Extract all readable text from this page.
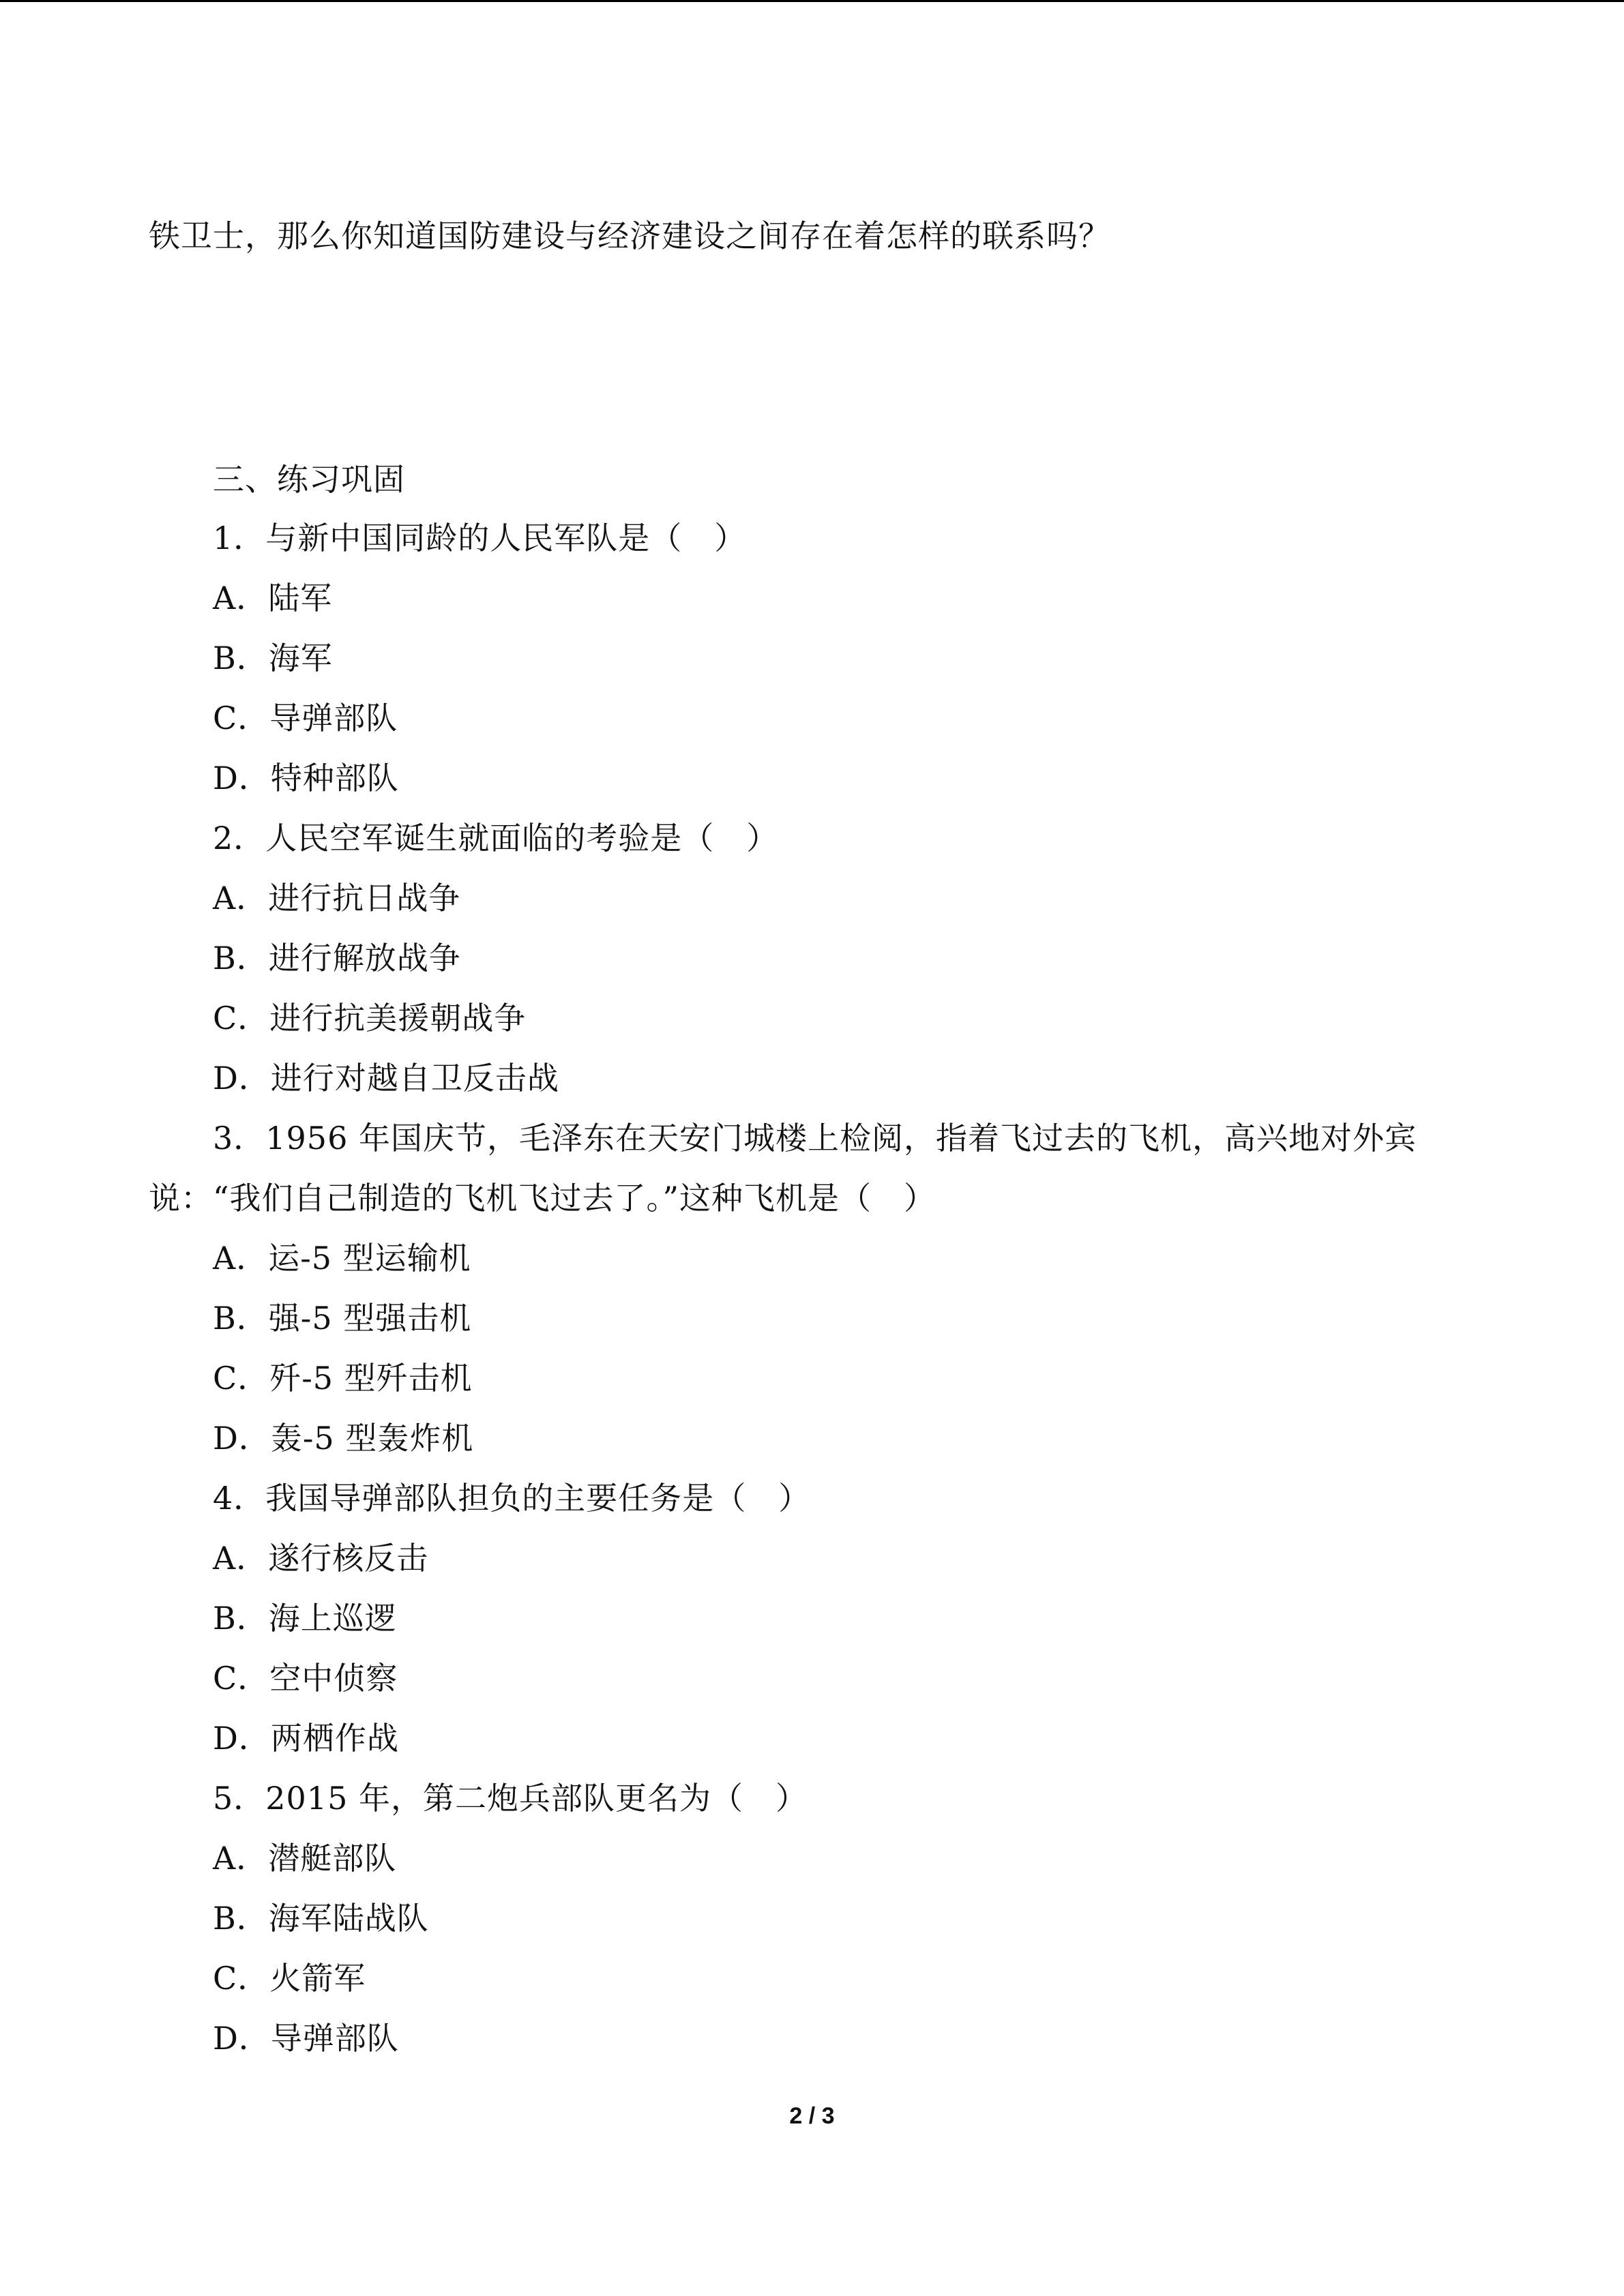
铁卫士，那么你知道国防建设与经济建设之间存在着怎样的联系吗？
三、练习巩固
1．与新中国同龄的人民军队是（　）
A．陆军
B．海军
C．导弹部队
D．特种部队
2．人民空军诞生就面临的考验是（　）
A．进行抗日战争
B．进行解放战争
C．进行抗美援朝战争
D．进行对越自卫反击战
3．1956 年国庆节，毛泽东在天安门城楼上检阅，指着飞过去的飞机，高兴地对外宾
说：“我们自己制造的飞机飞过去了。”这种飞机是（　）
A．运-5 型运输机
B．强-5 型强击机
C．歼-5 型歼击机
D．轰-5 型轰炸机
4．我国导弹部队担负的主要任务是（　）
A．遂行核反击
B．海上巡逻
C．空中侦察
D．两栖作战
5．2015 年，第二炮兵部队更名为（　）
A．潜艇部队
B．海军陆战队
C．火箭军
D．导弹部队
2 / 3
